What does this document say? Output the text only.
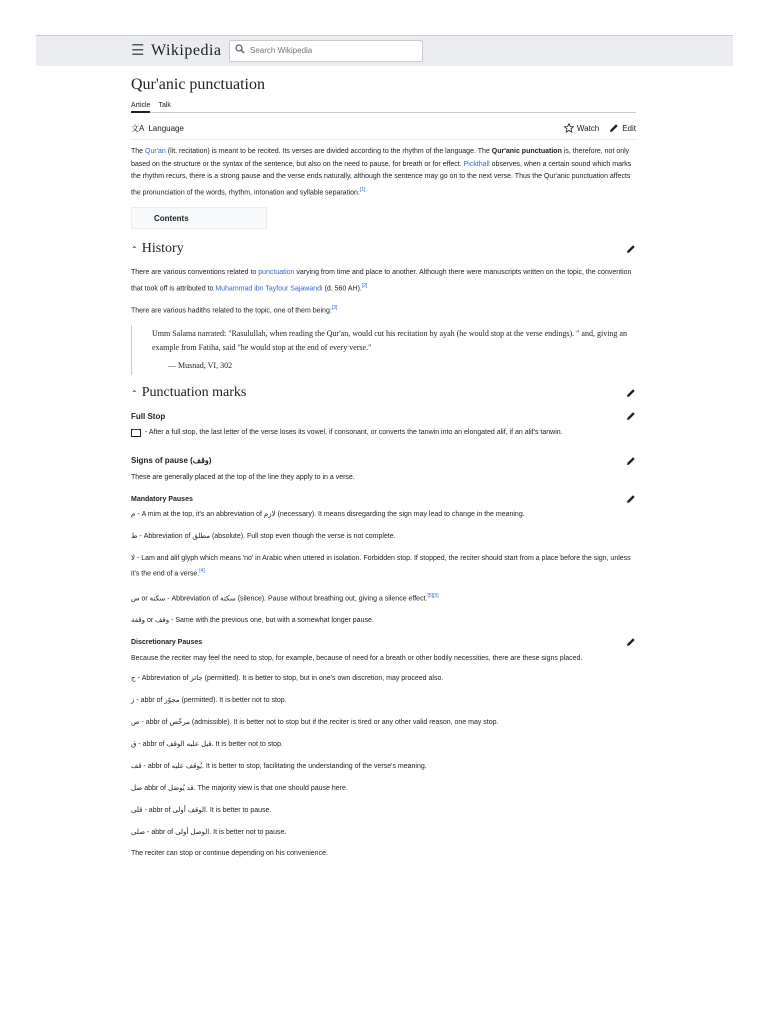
☰ Wikipedia
Search Wikipedia
Qur'anic punctuation
Article Talk
文A Language	Watch	Edit

The Qur'an (lit. recitation) is meant to be recited. Its verses are divided according to the rhythm of the language. The Qur'anic punctuation is, therefore, not only based on the structure or the syntax of the sentence, but also on the need to pause, for breath or for effect. Pickthall observes, when a certain sound which marks the rhythm recurs, there is a strong pause and the verse ends naturally, although the sentence may go on to the next verse. Thus the Qur'anic punctuation affects the pronunciation of the words, rhythm, intonation and syllable separation.[1]

Contents
⌃ History

There are various conventions related to punctuation varying from time and place to another. Although there were manuscripts written on the topic, the convention that took off is attributed to Muhammad ibn Tayfour Sajawandi (d. 560 AH).[2]

There are various hadiths related to the topic, one of them being:[3]

Umm Salama narrated: "Rasulullah, when reading the Qur'an, would cut his recitation by ayah (he would stop at the verse endings). " and, giving an example from Fatiha, said "he would stop at the end of every verse."
— Musnad, VI, 302
⌃ Punctuation marks
Full Stop

- After a full stop, the last letter of the verse loses its vowel, if consonant, or converts the tanwin into an elongated alif, if an alif's tanwin.

Signs of pause (وقف)

These are generally placed at the top of the line they apply to in a verse.

Mandatory Pauses
م - A mim at the top, it's an abbreviation of لازم (necessary). It means disregarding the sign may lead to change in the meaning.
ط - Abbreviation of مطلق (absolute). Full stop even though the verse is not complete.
لا - Lam and alif glyph which means 'no' in Arabic when uttered in isolation. Forbidden stop. If stopped, the reciter should start from a place before the sign, unless it's the end of a verse.[4]
س or سكتة - Abbreviation of سكتة (silence). Pause without breathing out, giving a silence effect.[5][3]
وقفة or وقف - Same with the previous one, but with a somewhat longer pause.
Discretionary Pauses

Because the reciter may feel the need to stop, for example, because of need for a breath or other bodily necessities, there are these signs placed.

ج - Abbreviation of جائز (permitted). It is better to stop, but in one's own discretion, may proceed also.
ز - abbr of مجوّز (permitted). It is better not to stop.
ص - abbr of مرخّص (admissible). It is better not to stop but if the reciter is tired or any other valid reason, one may stop.
ق - abbr of قيل عليه الوقف. It is better not to stop.
قف - abbr of يُوقف عليه. It is better to stop, facilitating the understanding of the verse's meaning.
صل abbr of قد يُوصَل. The majority view is that one should pause here.
قلى - abbr of الوقف أولى. It is better to pause.
صلى - abbr of الوصل أولى. It is better not to pause.

The reciter can stop or continue depending on his convenience.
